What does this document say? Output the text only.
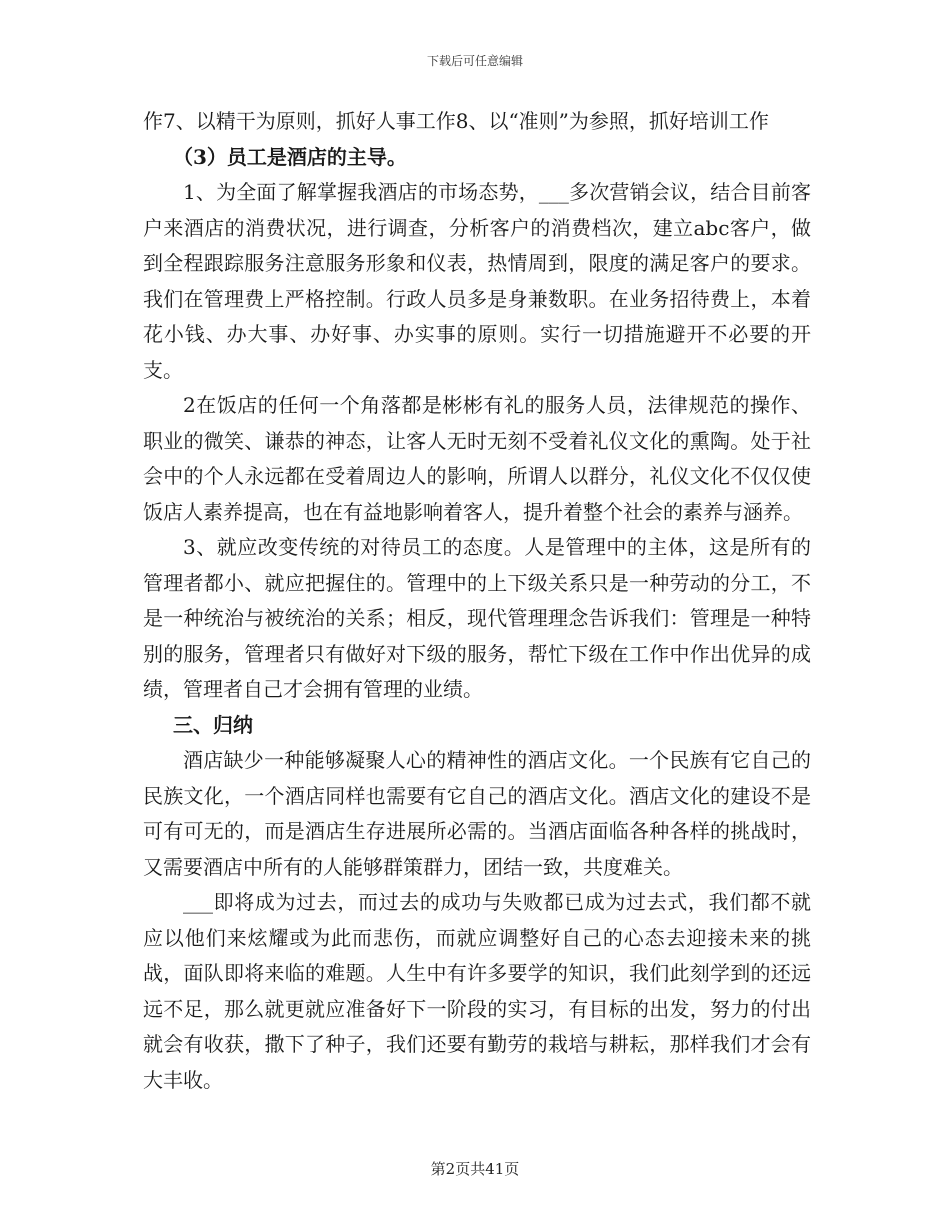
下载后可任意编辑

作7、以精干为原则，抓好人事工作8、以“准则”为参照，抓好培训工作

（3）员工是酒店的主导。

1、为全面了解掌握我酒店的市场态势，___多次营销会议，结合目前客户来酒店的消费状况，进行调查，分析客户的消费档次，建立abc客户，做到全程跟踪服务注意服务形象和仪表，热情周到，限度的满足客户的要求。我们在管理费上严格控制。行政人员多是身兼数职。在业务招待费上，本着花小钱、办大事、办好事、办实事的原则。实行一切措施避开不必要的开支。

2在饭店的任何一个角落都是彬彬有礼的服务人员，法律规范的操作、职业的微笑、谦恭的神态，让客人无时无刻不受着礼仪文化的熏陶。处于社会中的个人永远都在受着周边人的影响，所谓人以群分，礼仪文化不仅仅使饭店人素养提高，也在有益地影响着客人，提升着整个社会的素养与涵养。

3、就应改变传统的对待员工的态度。人是管理中的主体，这是所有的管理者都小、就应把握住的。管理中的上下级关系只是一种劳动的分工，不是一种统治与被统治的关系；相反，现代管理理念告诉我们：管理是一种特别的服务，管理者只有做好对下级的服务，帮忙下级在工作中作出优异的成绩，管理者自己才会拥有管理的业绩。

三、归纳

酒店缺少一种能够凝聚人心的精神性的酒店文化。一个民族有它自己的民族文化，一个酒店同样也需要有它自己的酒店文化。酒店文化的建设不是可有可无的，而是酒店生存进展所必需的。当酒店面临各种各样的挑战时，又需要酒店中所有的人能够群策群力，团结一致，共度难关。

___即将成为过去，而过去的成功与失败都已成为过去式，我们都不就应以他们来炫耀或为此而悲伤，而就应调整好自己的心态去迎接未来的挑战，面队即将来临的难题。人生中有许多要学的知识，我们此刻学到的还远远不足，那么就更就应准备好下一阶段的实习，有目标的出发，努力的付出就会有收获，撒下了种子，我们还要有勤劳的栽培与耕耘，那样我们才会有大丰收。

第2页共41页
